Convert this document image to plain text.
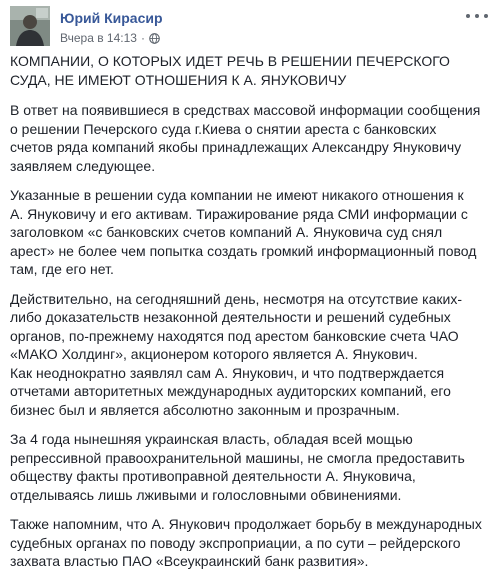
Юрий Кирасир
Вчера в 14:13 ·

КОМПАНИИ, О КОТОРЫХ ИДЕТ РЕЧЬ В РЕШЕНИИ ПЕЧЕРСКОГО
СУДА, НЕ ИМЕЮТ ОТНОШЕНИЯ К А. ЯНУКОВИЧУ

В ответ на появившиеся в средствах массовой информации сообщения
о решении Печерского суда г.Киева о снятии ареста с банковских
счетов ряда компаний якобы принадлежащих Александру Януковичу
заявляем следующее.

Указанные в решении суда компании не имеют никакого отношения к
А. Януковичу и его активам. Тиражирование ряда СМИ информации с
заголовком «с банковских счетов компаний А. Януковича суд снял
арест» не более чем попытка создать громкий информационный повод
там, где его нет.

Действительно, на сегодняшний день, несмотря на отсутствие каких-
либо доказательств незаконной деятельности и решений судебных
органов, по-прежнему находятся под арестом банковские счета ЧАО
«МАКО Холдинг», акционером которого является А. Янукович.
Как неоднократно заявлял сам А. Янукович, и что подтверждается
отчетами авторитетных международных аудиторских компаний, его
бизнес был и является абсолютно законным и прозрачным.

За 4 года нынешняя украинская власть, обладая всей мощью
репрессивной правоохранительной машины, не смогла предоставить
обществу факты противоправной деятельности А. Януковича,
отделываясь лишь лживыми и голословными обвинениями.

Также напомним, что А. Янукович продолжает борьбу в международных
судебных органах по поводу экспроприации, а по сути – рейдерского
захвата властью ПАО «Всеукраинский банк развития».
